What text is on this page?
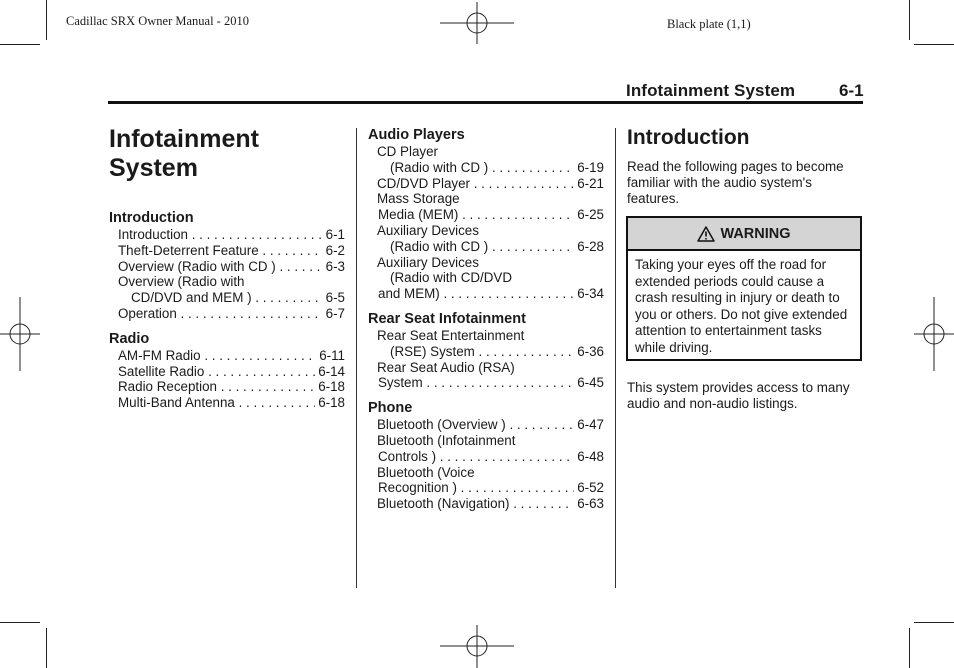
Cadillac SRX Owner Manual - 2010	Black plate (1,1)
Infotainment System	6-1
Infotainment
System
Introduction
Introduction . . .	6-1
Theft-Deterrent Feature . . .	6-2
Overview (Radio with CD ) . . .	6-3
Overview (Radio with
CD/DVD and MEM ) . . .	6-5
Operation . . .	6-7
Radio
AM-FM Radio . . .	6-11
Satellite Radio . . .	6-14
Radio Reception . . .	6-18
Multi-Band Antenna . . .	6-18
Audio Players
CD Player
(Radio with CD ) . . .	6-19
CD/DVD Player . . .	6-21
Mass Storage
Media (MEM) . . .	6-25
Auxiliary Devices
(Radio with CD ) . . .	6-28
Auxiliary Devices
(Radio with CD/DVD
and MEM) . . .	6-34
Rear Seat Infotainment
Rear Seat Entertainment
(RSE) System . . .	6-36
Rear Seat Audio (RSA)
System . . .	6-45
Phone
Bluetooth (Overview ) . . .	6-47
Bluetooth (Infotainment
Controls ) . . .	6-48
Bluetooth (Voice
Recognition ) . . .	6-52
Bluetooth (Navigation) . . .	6-63
Introduction
Read the following pages to become familiar with the audio system's features.
WARNING
Taking your eyes off the road for extended periods could cause a crash resulting in injury or death to you or others. Do not give extended attention to entertainment tasks while driving.
This system provides access to many audio and non-audio listings.
